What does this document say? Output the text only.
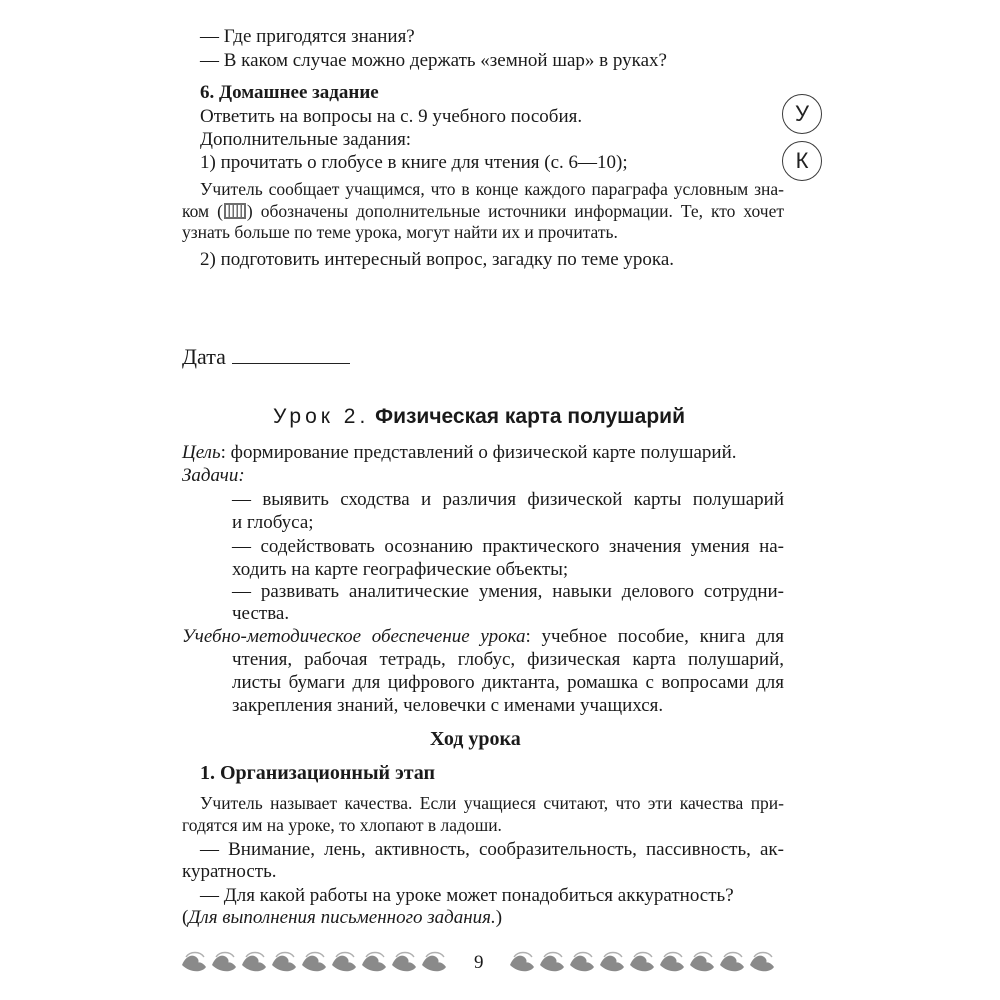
— Где пригодятся знания?
— В каком случае можно держать «земной шар» в руках?
6. Домашнее задание
Ответить на вопросы на с. 9 учебного пособия.
Дополнительные задания:
1) прочитать о глобусе в книге для чтения (с. 6—10);
Учитель сообщает учащимся, что в конце каждого параграфа условным зна-
ком ( ) обозначены дополнительные источники информации. Те, кто хочет
узнать больше по теме урока, могут найти их и прочитать.
2) подготовить интересный вопрос, загадку по теме урока.
У
К
Дата
Урок 2. Физическая карта полушарий
Цель: формирование представлений о физической карте полушарий.
Задачи:
— выявить сходства и различия физической карты полушарий
и глобуса;
— содействовать осознанию практического значения умения на-
ходить на карте географические объекты;
— развивать аналитические умения, навыки делового сотрудни-
чества.
Учебно-методическое обеспечение урока: учебное пособие, книга для
чтения, рабочая тетрадь, глобус, физическая карта полушарий,
листы бумаги для цифрового диктанта, ромашка с вопросами для
закрепления знаний, человечки с именами учащихся.
Ход урока
1. Организационный этап
Учитель называет качества. Если учащиеся считают, что эти качества при-
годятся им на уроке, то хлопают в ладоши.
— Внимание, лень, активность, сообразительность, пассивность, ак-
куратность.
— Для какой работы на уроке может понадобиться аккуратность?
(Для выполнения письменного задания.)
9
